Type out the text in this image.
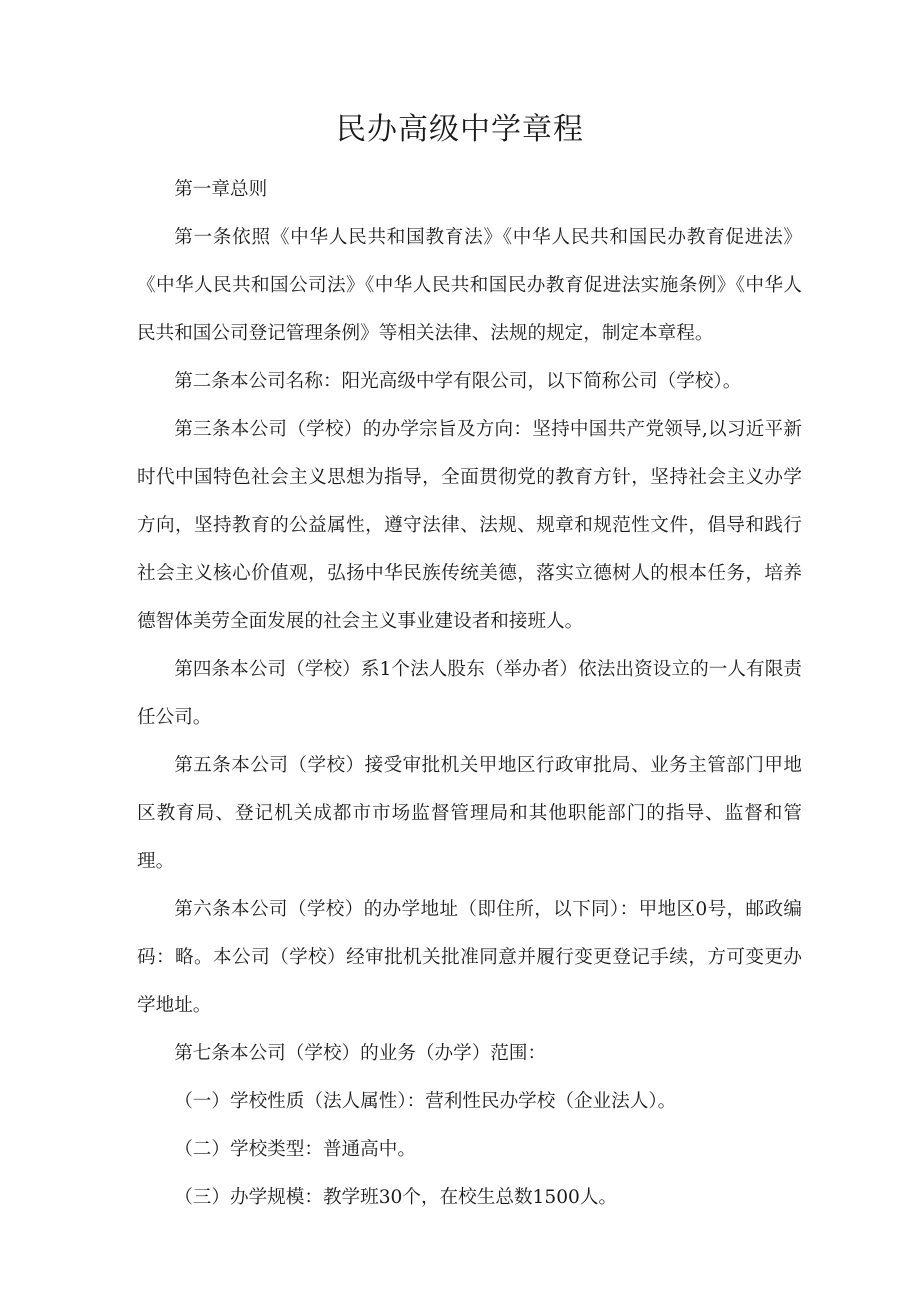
民办高级中学章程

第一章总则

第一条依照《中华人民共和国教育法》《中华人民共和国民办教育促进法》《中华人民共和国公司法》《中华人民共和国民办教育促进法实施条例》《中华人民共和国公司登记管理条例》等相关法律、法规的规定，制定本章程。

第二条本公司名称：阳光高级中学有限公司，以下简称公司（学校）。

第三条本公司（学校）的办学宗旨及方向：坚持中国共产党领导,以习近平新时代中国特色社会主义思想为指导，全面贯彻党的教育方针，坚持社会主义办学方向，坚持教育的公益属性，遵守法律、法规、规章和规范性文件，倡导和践行社会主义核心价值观，弘扬中华民族传统美德，落实立德树人的根本任务，培养德智体美劳全面发展的社会主义事业建设者和接班人。

第四条本公司（学校）系1个法人股东（举办者）依法出资设立的一人有限责任公司。

第五条本公司（学校）接受审批机关甲地区行政审批局、业务主管部门甲地区教育局、登记机关成都市市场监督管理局和其他职能部门的指导、监督和管理。

第六条本公司（学校）的办学地址（即住所，以下同）：甲地区0号，邮政编码：略。本公司（学校）经审批机关批准同意并履行变更登记手续，方可变更办学地址。

第七条本公司（学校）的业务（办学）范围：

（一）学校性质（法人属性）：营利性民办学校（企业法人）。

（二）学校类型：普通高中。

（三）办学规模：教学班30个，在校生总数1500人。
